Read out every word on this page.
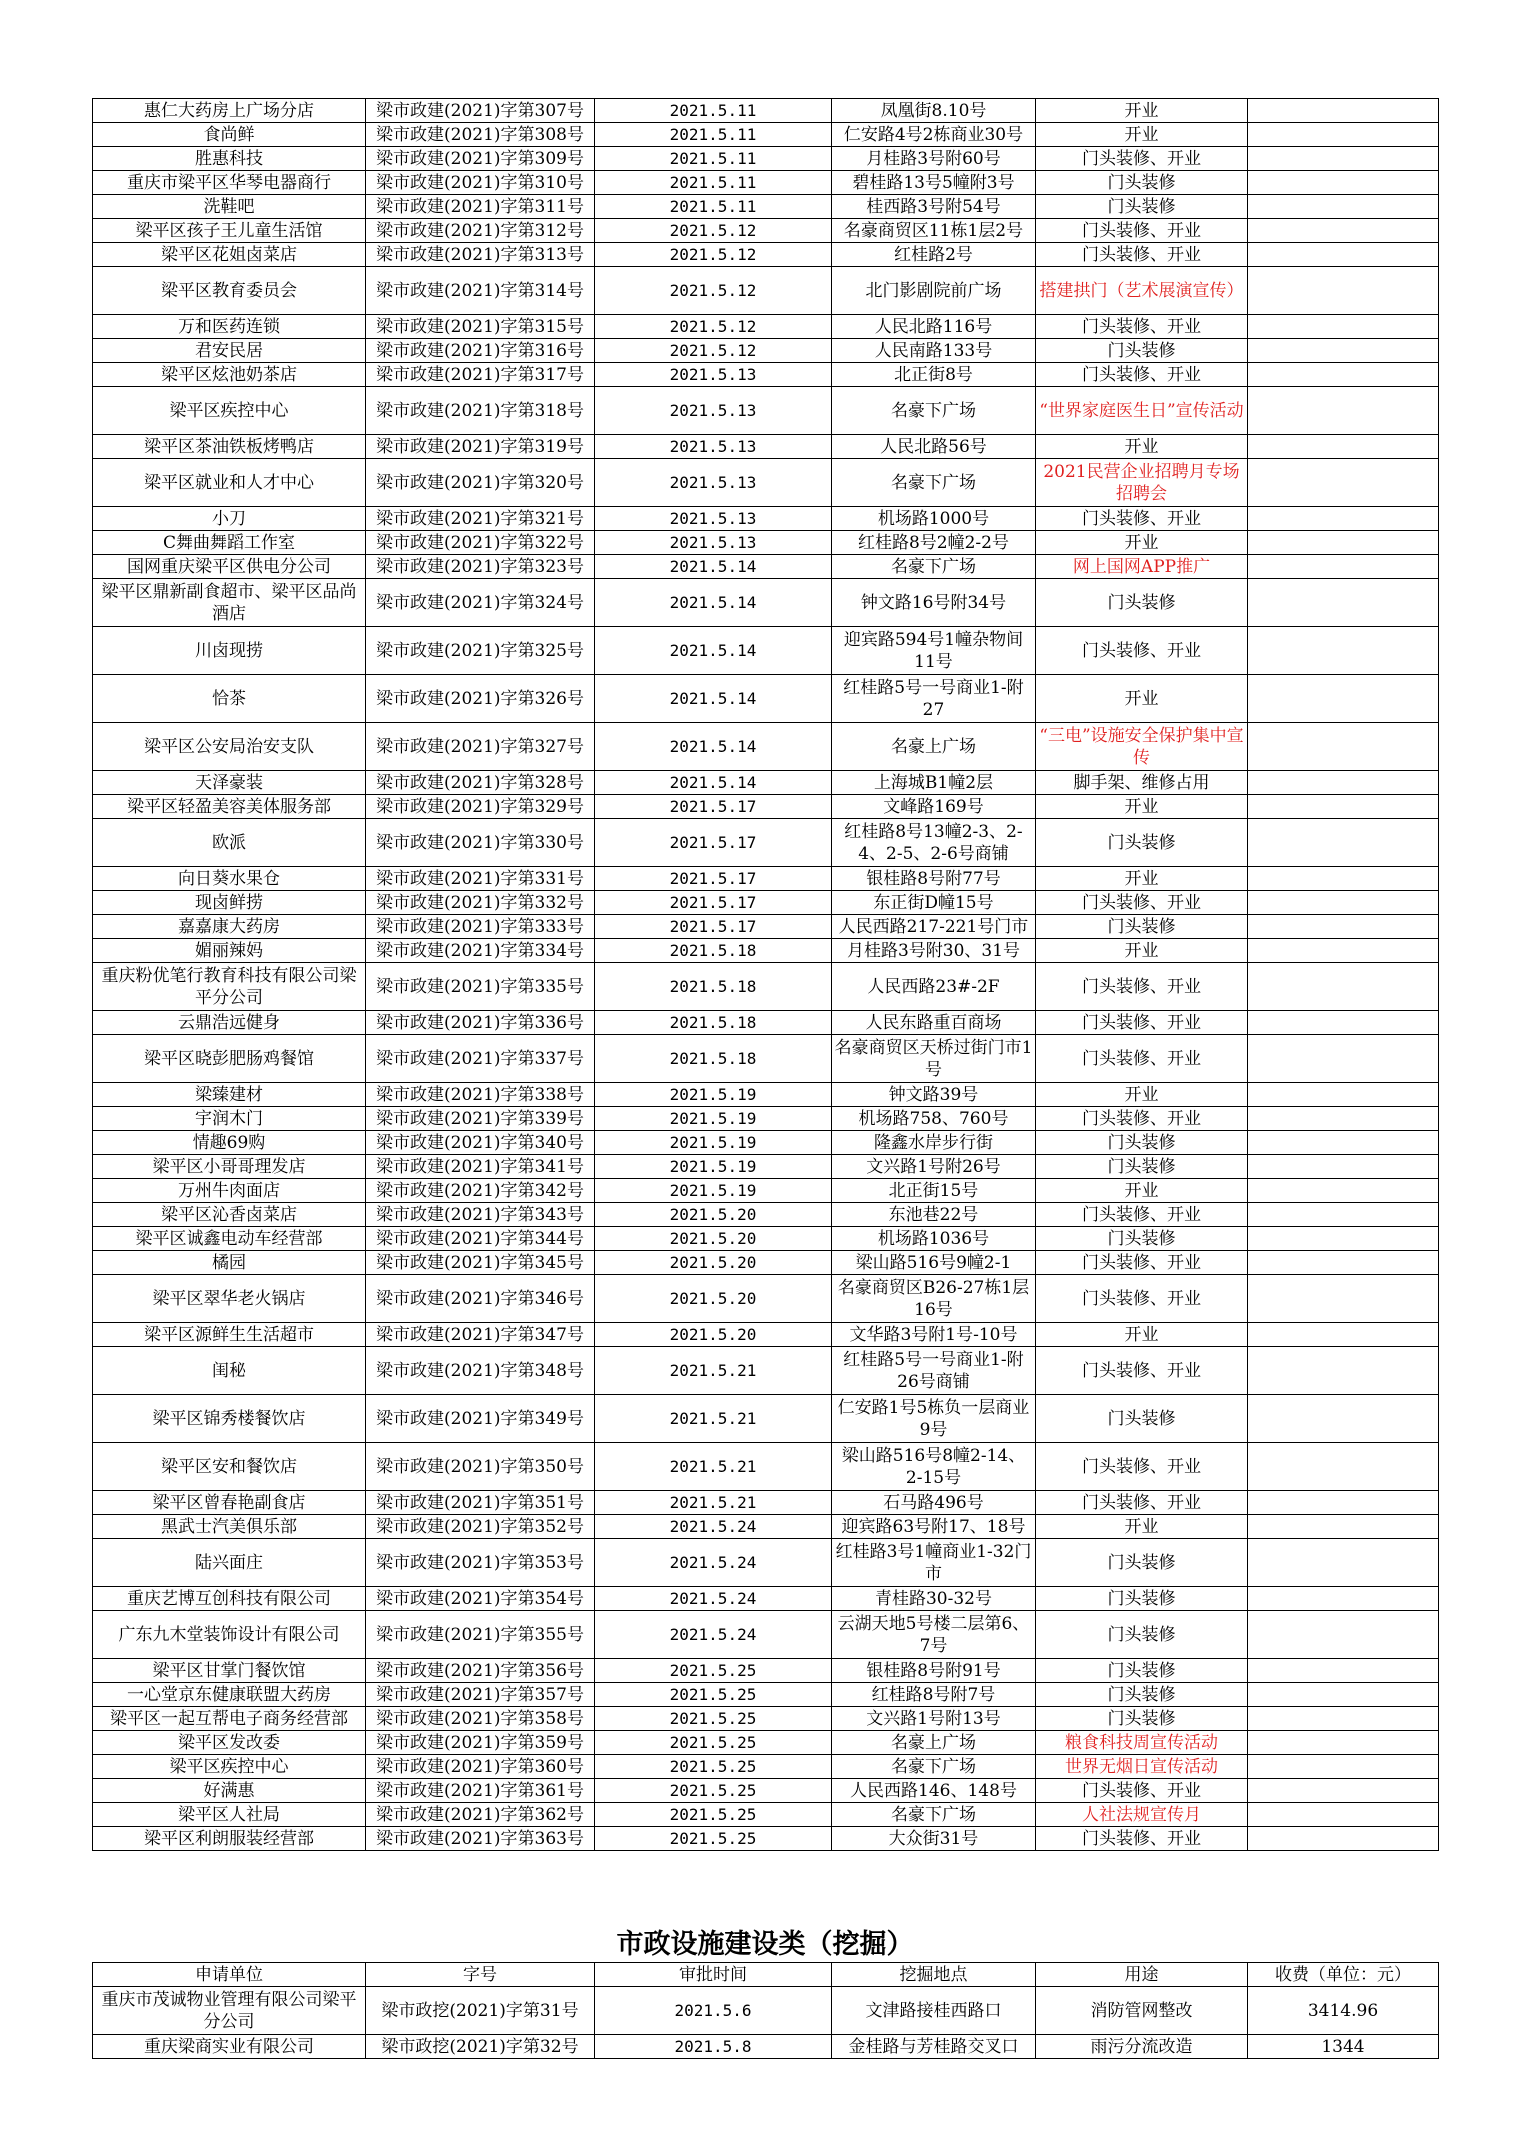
惠仁大药房上广场分店	梁市政建(2021)字第307号	2021.5.11	凤凰街8.10号	开业	
食尚鲜	梁市政建(2021)字第308号	2021.5.11	仁安路4号2栋商业30号	开业	
胜惠科技	梁市政建(2021)字第309号	2021.5.11	月桂路3号附60号	门头装修、开业	
重庆市梁平区华琴电器商行	梁市政建(2021)字第310号	2021.5.11	碧桂路13号5幢附3号	门头装修	
洗鞋吧	梁市政建(2021)字第311号	2021.5.11	桂西路3号附54号	门头装修	
梁平区孩子王儿童生活馆	梁市政建(2021)字第312号	2021.5.12	名豪商贸区11栋1层2号	门头装修、开业	
梁平区花姐卤菜店	梁市政建(2021)字第313号	2021.5.12	红桂路2号	门头装修、开业	
梁平区教育委员会	梁市政建(2021)字第314号	2021.5.12	北门影剧院前广场	搭建拱门（艺术展演宣传）	
万和医药连锁	梁市政建(2021)字第315号	2021.5.12	人民北路116号	门头装修、开业	
君安民居	梁市政建(2021)字第316号	2021.5.12	人民南路133号	门头装修	
梁平区炫池奶茶店	梁市政建(2021)字第317号	2021.5.13	北正街8号	门头装修、开业	
梁平区疾控中心	梁市政建(2021)字第318号	2021.5.13	名豪下广场	“世界家庭医生日”宣传活动	
梁平区茶油铁板烤鸭店	梁市政建(2021)字第319号	2021.5.13	人民北路56号	开业	
梁平区就业和人才中心	梁市政建(2021)字第320号	2021.5.13	名豪下广场	2021民营企业招聘月专场招聘会	
小刀	梁市政建(2021)字第321号	2021.5.13	机场路1000号	门头装修、开业	
C舞曲舞蹈工作室	梁市政建(2021)字第322号	2021.5.13	红桂路8号2幢2-2号	开业	
国网重庆梁平区供电分公司	梁市政建(2021)字第323号	2021.5.14	名豪下广场	网上国网APP推广	
梁平区鼎新副食超市、梁平区品尚酒店	梁市政建(2021)字第324号	2021.5.14	钟文路16号附34号	门头装修	
川卤现捞	梁市政建(2021)字第325号	2021.5.14	迎宾路594号1幢杂物间11号	门头装修、开业	
恰茶	梁市政建(2021)字第326号	2021.5.14	红桂路5号一号商业1-附27	开业	
梁平区公安局治安支队	梁市政建(2021)字第327号	2021.5.14	名豪上广场	“三电”设施安全保护集中宣传	
天泽豪装	梁市政建(2021)字第328号	2021.5.14	上海城B1幢2层	脚手架、维修占用	
梁平区轻盈美容美体服务部	梁市政建(2021)字第329号	2021.5.17	文峰路169号	开业	
欧派	梁市政建(2021)字第330号	2021.5.17	红桂路8号13幢2-3、2-4、2-5、2-6号商铺	门头装修	
向日葵水果仓	梁市政建(2021)字第331号	2021.5.17	银桂路8号附77号	开业	
现卤鲜捞	梁市政建(2021)字第332号	2021.5.17	东正街D幢15号	门头装修、开业	
嘉嘉康大药房	梁市政建(2021)字第333号	2021.5.17	人民西路217-221号门市	门头装修	
媚丽辣妈	梁市政建(2021)字第334号	2021.5.18	月桂路3号附30、31号	开业	
重庆粉优笔行教育科技有限公司梁平分公司	梁市政建(2021)字第335号	2021.5.18	人民西路23#-2F	门头装修、开业	
云鼎浩远健身	梁市政建(2021)字第336号	2021.5.18	人民东路重百商场	门头装修、开业	
梁平区晓彭肥肠鸡餐馆	梁市政建(2021)字第337号	2021.5.18	名豪商贸区天桥过街门市1号	门头装修、开业	
梁臻建材	梁市政建(2021)字第338号	2021.5.19	钟文路39号	开业	
宇润木门	梁市政建(2021)字第339号	2021.5.19	机场路758、760号	门头装修、开业	
情趣69购	梁市政建(2021)字第340号	2021.5.19	隆鑫水岸步行街	门头装修	
梁平区小哥哥理发店	梁市政建(2021)字第341号	2021.5.19	文兴路1号附26号	门头装修	
万州牛肉面店	梁市政建(2021)字第342号	2021.5.19	北正街15号	开业	
梁平区沁香卤菜店	梁市政建(2021)字第343号	2021.5.20	东池巷22号	门头装修、开业	
梁平区诚鑫电动车经营部	梁市政建(2021)字第344号	2021.5.20	机场路1036号	门头装修	
橘园	梁市政建(2021)字第345号	2021.5.20	梁山路516号9幢2-1	门头装修、开业	
梁平区翠华老火锅店	梁市政建(2021)字第346号	2021.5.20	名豪商贸区B26-27栋1层16号	门头装修、开业	
梁平区源鲜生生活超市	梁市政建(2021)字第347号	2021.5.20	文华路3号附1号-10号	开业	
闺秘	梁市政建(2021)字第348号	2021.5.21	红桂路5号一号商业1-附26号商铺	门头装修、开业	
梁平区锦秀楼餐饮店	梁市政建(2021)字第349号	2021.5.21	仁安路1号5栋负一层商业9号	门头装修	
梁平区安和餐饮店	梁市政建(2021)字第350号	2021.5.21	梁山路516号8幢2-14、2-15号	门头装修、开业	
梁平区曾春艳副食店	梁市政建(2021)字第351号	2021.5.21	石马路496号	门头装修、开业	
黑武士汽美俱乐部	梁市政建(2021)字第352号	2021.5.24	迎宾路63号附17、18号	开业	
陆兴面庄	梁市政建(2021)字第353号	2021.5.24	红桂路3号1幢商业1-32门市	门头装修	
重庆艺博互创科技有限公司	梁市政建(2021)字第354号	2021.5.24	青桂路30-32号	门头装修	
广东九木堂装饰设计有限公司	梁市政建(2021)字第355号	2021.5.24	云湖天地5号楼二层第6、7号	门头装修	
梁平区甘掌门餐饮馆	梁市政建(2021)字第356号	2021.5.25	银桂路8号附91号	门头装修	
一心堂京东健康联盟大药房	梁市政建(2021)字第357号	2021.5.25	红桂路8号附7号	门头装修	
梁平区一起互帮电子商务经营部	梁市政建(2021)字第358号	2021.5.25	文兴路1号附13号	门头装修	
梁平区发改委	梁市政建(2021)字第359号	2021.5.25	名豪上广场	粮食科技周宣传活动	
梁平区疾控中心	梁市政建(2021)字第360号	2021.5.25	名豪下广场	世界无烟日宣传活动	
好满惠	梁市政建(2021)字第361号	2021.5.25	人民西路146、148号	门头装修、开业	
梁平区人社局	梁市政建(2021)字第362号	2021.5.25	名豪下广场	人社法规宣传月	
梁平区利朗服装经营部	梁市政建(2021)字第363号	2021.5.25	大众街31号	门头装修、开业	
市政设施建设类（挖掘）
申请单位	字号	审批时间	挖掘地点	用途	收费（单位：元）
重庆市茂诚物业管理有限公司梁平分公司	梁市政挖(2021)字第31号	2021.5.6	文津路接桂西路口	消防管网整改	3414.96
重庆梁商实业有限公司	梁市政挖(2021)字第32号	2021.5.8	金桂路与芳桂路交叉口	雨污分流改造	1344
